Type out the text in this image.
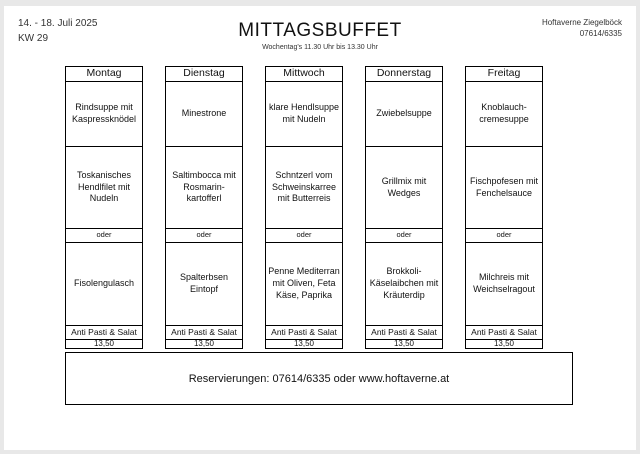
14. - 18. Juli 2025
KW 29	MITTAGSBUFFET
Wochentag's 11.30 Uhr bis 13.30 Uhr
Hoftaverne Ziegelböck
07614/6335
Montag
Rindsuppe mit Kaspressknödel
Toskanisches Hendlfilet mit Nudeln
oder
Fisolengulasch
Anti Pasti & Salat
13,50
Dienstag
Minestrone
Saltimbocca mit Rosmarin-kartofferl
oder
Spalterbsen Eintopf
Anti Pasti & Salat
13,50
Mittwoch
klare Hendlsuppe mit Nudeln
Schntzerl vom Schweinskarree mit Butterreis
oder
Penne Mediterran mit Oliven, Feta Käse, Paprika
Anti Pasti & Salat
13,50
Donnerstag
Zwiebelsuppe
Grillmix mit Wedges
oder
Brokkoli-Käselaibchen mit Kräuterdip
Anti Pasti & Salat
13,50
Freitag
Knoblauch-cremesuppe
Fischpofesen mit Fenchelsauce
oder
Milchreis mit Weichselragout
Anti Pasti & Salat
13,50
Reservierungen: 07614/6335 oder www.hoftaverne.at
